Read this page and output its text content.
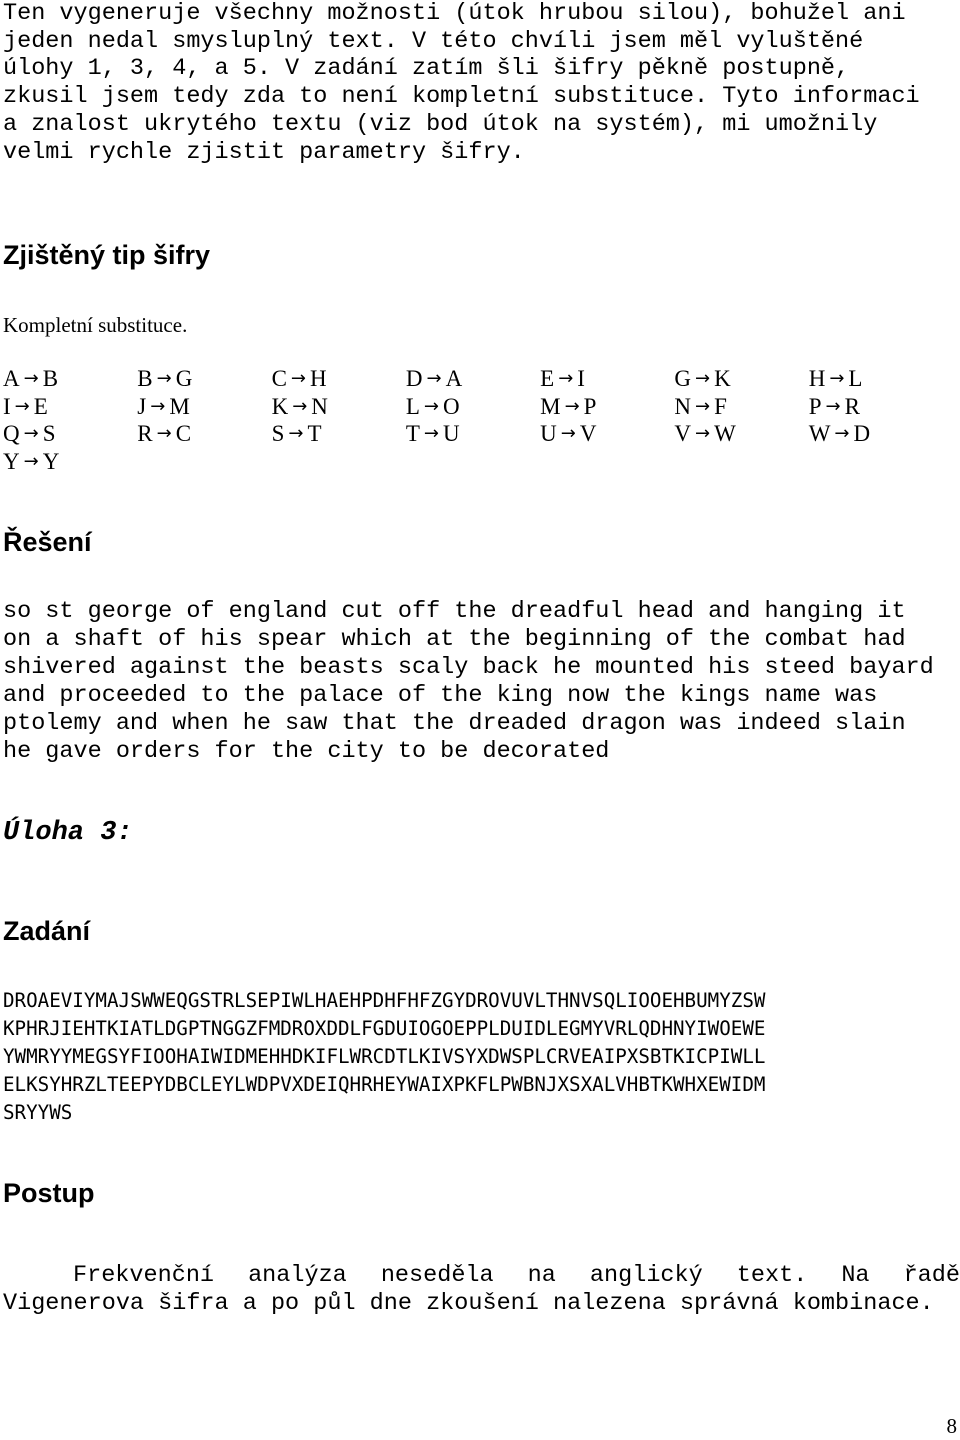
Ten vygeneruje všechny možnosti (útok hrubou silou), bohužel ani
jeden nedal smysluplný text. V této chvíli jsem měl vyluštěné
úlohy 1, 3, 4, a 5. V zadání zatím šli šifry pěkně postupně,
zkusil jsem tedy zda to není kompletní substituce. Tyto informaci
a znalost ukrytého textu (viz bod útok na systém), mi umožnily
velmi rychle zjistit parametry šifry.

Zjištěný tip šifry

Kompletní substituce.

A → B	B → G	C → H	D → A	E → I	G → K	H → L
I → E	J → M	K → N	L → O	M → P	N → F	P → R
Q → S	R → C	S → T	T → U	U → V	V → W	W → D
Y → Y
Řešení

so st george of england cut off the dreadful head and hanging it
on a shaft of his spear which at the beginning of the combat had
shivered against the beasts scaly back he mounted his steed bayard
and proceeded to the palace of the king now the kings name was
ptolemy and when he saw that the dreaded dragon was indeed slain
he gave orders for the city to be decorated

Úloha 3:
Zadání

DROAEVIYMAJSWWEQGSTRLSEPIWLHAEHPDHFHFZGYDROVUVLTHNVSQLIOOEHBUMYZSW
KPHRJIEHTKIATLDGPTNGGZFMDROXDDLFGDUIOGOEPPLDUIDLEGMYVRLQDHNYIWOEWE
YWMRYYMEGSYFIOOHAIWIDMEHHDKIFLWRCDTLKIVSYXDWSPLCRVEAIPXSBTKICPIWLL
ELKSYHRZLTEEPYDBCLEYLWDPVXDEIQHRHEYWAIXPKFLPWBNJXSXALVHBTKWHXEWIDM
SRYYWS

Postup
Frekvenční analýza neseděla na anglický text. Na řadě

Vigenerova šifra a po půl dne zkoušení nalezena správná kombinace.

8
